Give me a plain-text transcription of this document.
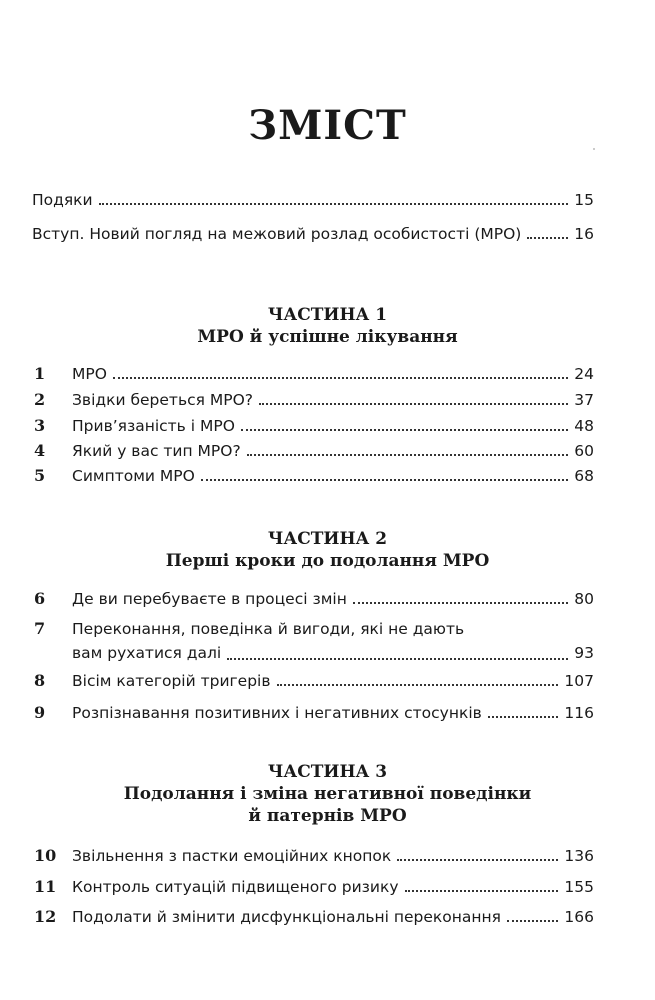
ЗМІСТ
Подяки	15
Вступ. Новий погляд на межовий розлад особистості (МРО)	16
ЧАСТИНА 1
МРО й успішне лікування
1	МРО	24
2	Звідки береться МРО?	37
3	Прив’язаність і МРО	48
4	Який у вас тип МРО?	60
5	Симптоми МРО	68
ЧАСТИНА 2
Перші кроки до подолання МРО
6	Де ви перебуваєте в процесі змін	80
7	Переконання, поведінка й вигоди, які не дають
вам рухатися далі	93
8	Вісім категорій тригерів	107
9	Розпізнавання позитивних і негативних стосунків	116
ЧАСТИНА 3
Подолання і зміна негативної поведінки
й патернів МРО
10	Звільнення з пастки емоційних кнопок	136
11	Контроль ситуацій підвищеного ризику	155
12	Подолати й змінити дисфункціональні переконання	166
